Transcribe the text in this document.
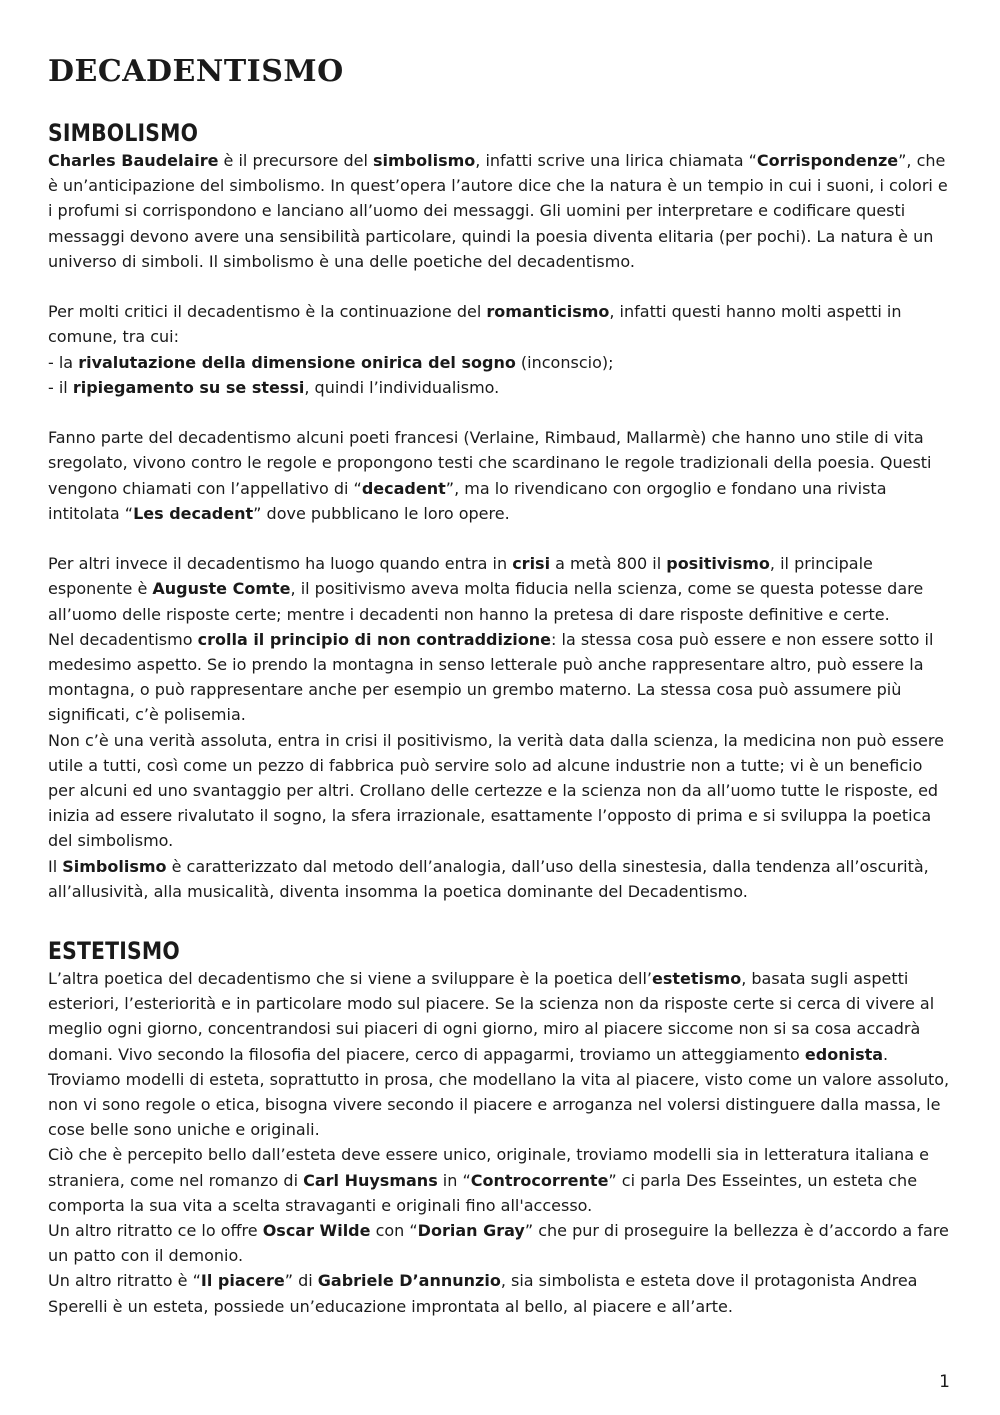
DECADENTISMO
SIMBOLISMO

Charles Baudelaire è il precursore del simbolismo, infatti scrive una lirica chiamata “Corrispondenze”, che è un’anticipazione del simbolismo. In quest’opera l’autore dice che la natura è un tempio in cui i suoni, i colori e i profumi si corrispondono e lanciano all’uomo dei messaggi. Gli uomini per interpretare e codificare questi messaggi devono avere una sensibilità particolare, quindi la poesia diventa elitaria (per pochi). La natura è un universo di simboli. Il simbolismo è una delle poetiche del decadentismo.

Per molti critici il decadentismo è la continuazione del romanticismo, infatti questi hanno molti aspetti in comune, tra cui:

- la rivalutazione della dimensione onirica del sogno (inconscio);

- il ripiegamento su se stessi, quindi l’individualismo.

Fanno parte del decadentismo alcuni poeti francesi (Verlaine, Rimbaud, Mallarmè) che hanno uno stile di vita sregolato, vivono contro le regole e propongono testi che scardinano le regole tradizionali della poesia. Questi vengono chiamati con l’appellativo di “decadent”, ma lo rivendicano con orgoglio e fondano una rivista intitolata “Les decadent” dove pubblicano le loro opere.

Per altri invece il decadentismo ha luogo quando entra in crisi a metà 800 il positivismo, il principale esponente è Auguste Comte, il positivismo aveva molta fiducia nella scienza, come se questa potesse dare all’uomo delle risposte certe; mentre i decadenti non hanno la pretesa di dare risposte definitive e certe.

Nel decadentismo crolla il principio di non contraddizione: la stessa cosa può essere e non essere sotto il medesimo aspetto. Se io prendo la montagna in senso letterale può anche rappresentare altro, può essere la montagna, o può rappresentare anche per esempio un grembo materno. La stessa cosa può assumere più significati, c’è polisemia.

Non c’è una verità assoluta, entra in crisi il positivismo, la verità data dalla scienza, la medicina non può essere utile a tutti, così come un pezzo di fabbrica può servire solo ad alcune industrie non a tutte; vi è un beneficio per alcuni ed uno svantaggio per altri. Crollano delle certezze e la scienza non da all’uomo tutte le risposte, ed inizia ad essere rivalutato il sogno, la sfera irrazionale, esattamente l’opposto di prima e si sviluppa la poetica del simbolismo.

Il Simbolismo è caratterizzato dal metodo dell’analogia, dall’uso della sinestesia, dalla tendenza all’oscurità, all’allusività, alla musicalità, diventa insomma la poetica dominante del Decadentismo.

ESTETISMO

L’altra poetica del decadentismo che si viene a sviluppare è la poetica dell’estetismo, basata sugli aspetti esteriori, l’esteriorità e in particolare modo sul piacere. Se la scienza non da risposte certe si cerca di vivere al meglio ogni giorno, concentrandosi sui piaceri di ogni giorno, miro al piacere siccome non si sa cosa accadrà domani. Vivo secondo la filosofia del piacere, cerco di appagarmi, troviamo un atteggiamento edonista.

Troviamo modelli di esteta, soprattutto in prosa, che modellano la vita al piacere, visto come un valore assoluto, non vi sono regole o etica, bisogna vivere secondo il piacere e arroganza nel volersi distinguere dalla massa, le cose belle sono uniche e originali.

Ciò che è percepito bello dall’esteta deve essere unico, originale, troviamo modelli sia in letteratura italiana e straniera, come nel romanzo di Carl Huysmans in “Controcorrente” ci parla Des Esseintes, un esteta che comporta la sua vita a scelta stravaganti e originali fino all'accesso.

Un altro ritratto ce lo offre Oscar Wilde con “Dorian Gray” che pur di proseguire la bellezza è d’accordo a fare un patto con il demonio.

Un altro ritratto è “Il piacere” di Gabriele D’annunzio, sia simbolista e esteta dove il protagonista Andrea Sperelli è un esteta, possiede un’educazione improntata al bello, al piacere e all’arte.

1
